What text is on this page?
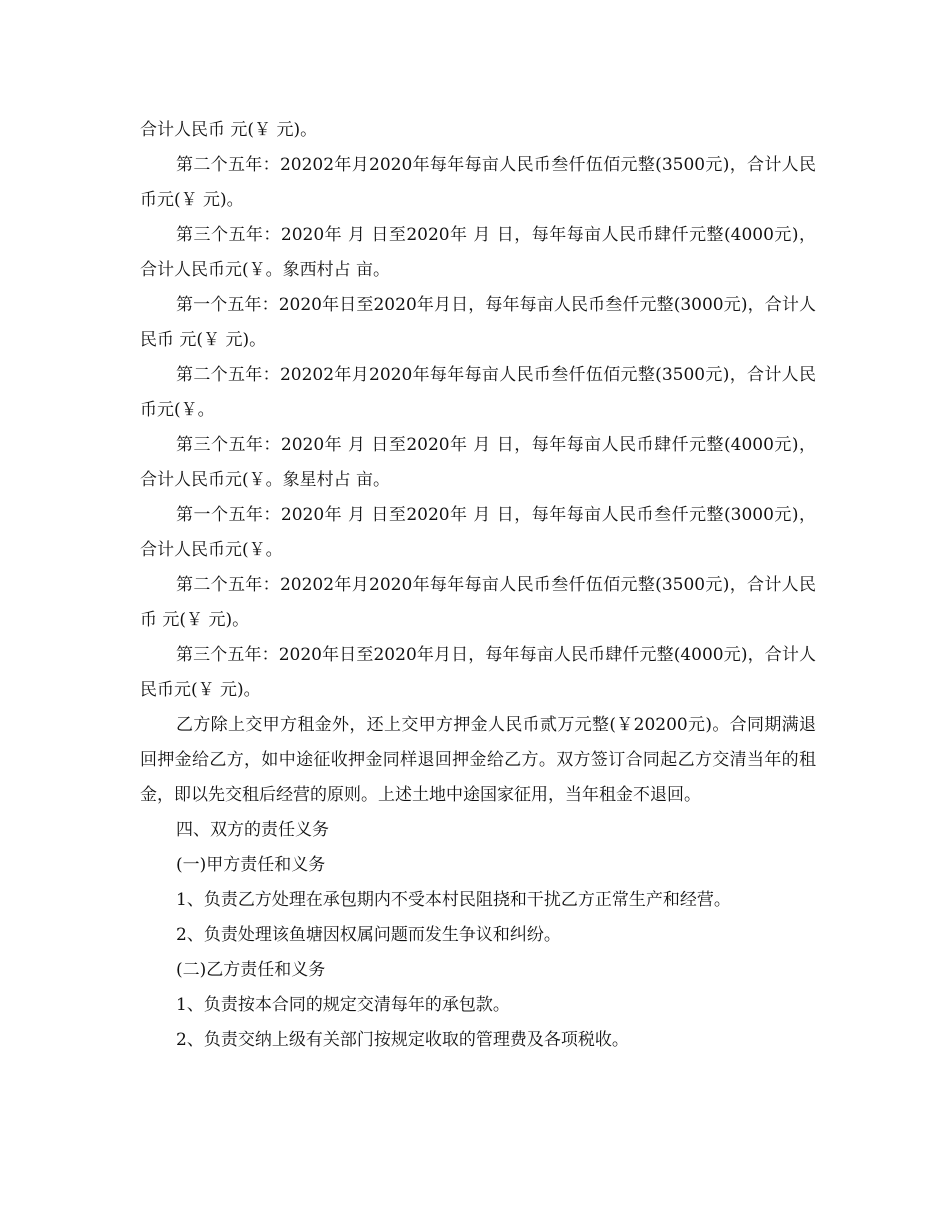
合计人民币 元(￥ 元)。

第二个五年：20202年月2020年每年每亩人民币叁仟伍佰元整(3500元)，合计人民币元(￥ 元)。

第三个五年：2020年 月 日至2020年 月 日，每年每亩人民币肆仟元整(4000元)，合计人民币元(￥。象西村占 亩。

第一个五年：2020年日至2020年月日，每年每亩人民币叁仟元整(3000元)，合计人民币 元(￥ 元)。

第二个五年：20202年月2020年每年每亩人民币叁仟伍佰元整(3500元)，合计人民币元(￥。

第三个五年：2020年 月 日至2020年 月 日，每年每亩人民币肆仟元整(4000元)，合计人民币元(￥。象星村占 亩。

第一个五年：2020年 月 日至2020年 月 日，每年每亩人民币叁仟元整(3000元)，合计人民币元(￥。

第二个五年：20202年月2020年每年每亩人民币叁仟伍佰元整(3500元)，合计人民币 元(￥ 元)。

第三个五年：2020年日至2020年月日，每年每亩人民币肆仟元整(4000元)，合计人民币元(￥ 元)。

乙方除上交甲方租金外，还上交甲方押金人民币贰万元整(￥20200元)。合同期满退回押金给乙方，如中途征收押金同样退回押金给乙方。双方签订合同起乙方交清当年的租金，即以先交租后经营的原则。上述土地中途国家征用，当年租金不退回。

四、双方的责任义务

(一)甲方责任和义务

1、负责乙方处理在承包期内不受本村民阻挠和干扰乙方正常生产和经营。

2、负责处理该鱼塘因权属问题而发生争议和纠纷。

(二)乙方责任和义务

1、负责按本合同的规定交清每年的承包款。

2、负责交纳上级有关部门按规定收取的管理费及各项税收。
